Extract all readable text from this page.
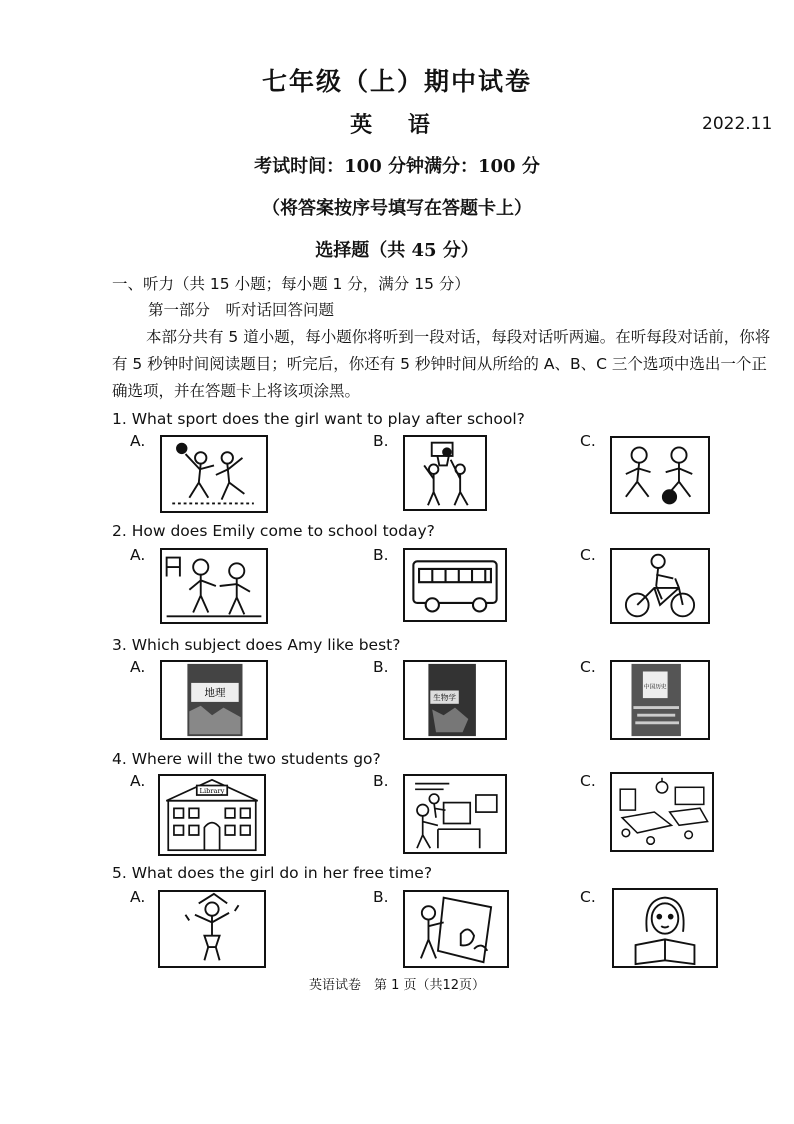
七年级（上）期中试卷
英 语	2022.11
考试时间：100 分钟满分：100 分
（将答案按序号填写在答题卡上）
选择题（共 45 分）
一、听力（共 15 小题；每小题 1 分，满分 15 分）
第一部分　听对话回答问题
本部分共有 5 道小题，每小题你将听到一段对话，每段对话听两遍。在听每段对话前，你将有 5 秒钟时间阅读题目；听完后，你还有 5 秒钟时间从所给的 A、B、C 三个选项中选出一个正确选项，并在答题卡上将该项涂黑。
1. What sport does the girl want to play after school?
A.	B.	C.
2. How does Emily come to school today?
A.	B.	C.
3. Which subject does Amy like best?
A.
地理
B.
生物学
C.
中国历史
4. Where will the two students go?
A.
Library
B.	C.
5. What does the girl do in her free time?
A.	B.	C.
英语试卷　第 1 页（共12页）
